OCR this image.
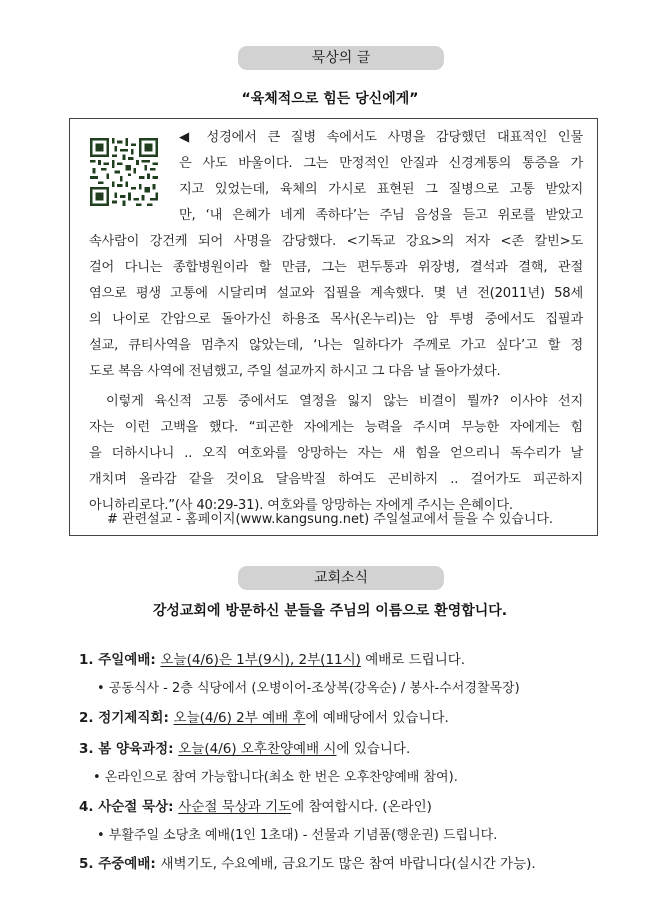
묵상의 글
“육체적으로 힘든 당신에게”
◀ 성경에서 큰 질병 속에서도 사명을 감당했던 대표적인 인물
은 사도 바울이다. 그는 만정적인 안질과 신경계통의 통증을 가
지고 있었는데, 육체의 가시로 표현된 그 질병으로 고통 받았지
만, ‘내 은혜가 네게 족하다’는 주님 음성을 듣고 위로를 받았고
속사람이 강건케 되어 사명을 감당했다. <기독교 강요>의 저자 <존 칼빈>도
걸어 다니는 종합병원이라 할 만큼, 그는 편두통과 위장병, 결석과 결핵, 관절
염으로 평생 고통에 시달리며 설교와 집필을 계속했다. 몇 년 전(2011년) 58세
의 나이로 간암으로 돌아가신 하용조 목사(온누리)는 암 투병 중에서도 집필과
설교, 큐티사역을 멈추지 않았는데, ‘나는 일하다가 주께로 가고 싶다’고 할 정
도로 복음 사역에 전념했고, 주일 설교까지 하시고 그 다음 날 돌아가셨다.
이렇게 육신적 고통 중에서도 열정을 잃지 않는 비결이 뭘까? 이사야 선지
자는 이런 고백을 했다. “피곤한 자에게는 능력을 주시며 무능한 자에게는 힘
을 더하시나니 .. 오직 여호와를 앙망하는 자는 새 힘을 얻으리니 독수리가 날
개치며 올라감 같을 것이요 달음박질 하여도 곤비하지 .. 걸어가도 피곤하지
아니하리로다.”(사 40:29-31). 여호와를 앙망하는 자에게 주시는 은혜이다.
# 관련설교 - 홈페이지(www.kangsung.net) 주일설교에서 들을 수 있습니다.
교회소식
강성교회에 방문하신 분들을 주님의 이름으로 환영합니다.
1. 주일예배: 오늘(4/6)은 1부(9시), 2부(11시) 예배로 드립니다.
• 공동식사 - 2층 식당에서 (오병이어-조상복(강옥순) / 봉사-수서경찰목장)
2. 정기제직회: 오늘(4/6) 2부 예배 후에 예배당에서 있습니다.
3. 봄 양육과정: 오늘(4/6) 오후찬양예배 시에 있습니다.
• 온라인으로 참여 가능합니다(최소 한 번은 오후찬양예배 참여).
4. 사순절 묵상: 사순절 묵상과 기도에 참여합시다. (온라인)
• 부활주일 소당초 예배(1인 1초대) - 선물과 기념품(행운권) 드립니다.
5. 주중예배: 새벽기도, 수요예배, 금요기도 많은 참여 바랍니다(실시간 가능).
